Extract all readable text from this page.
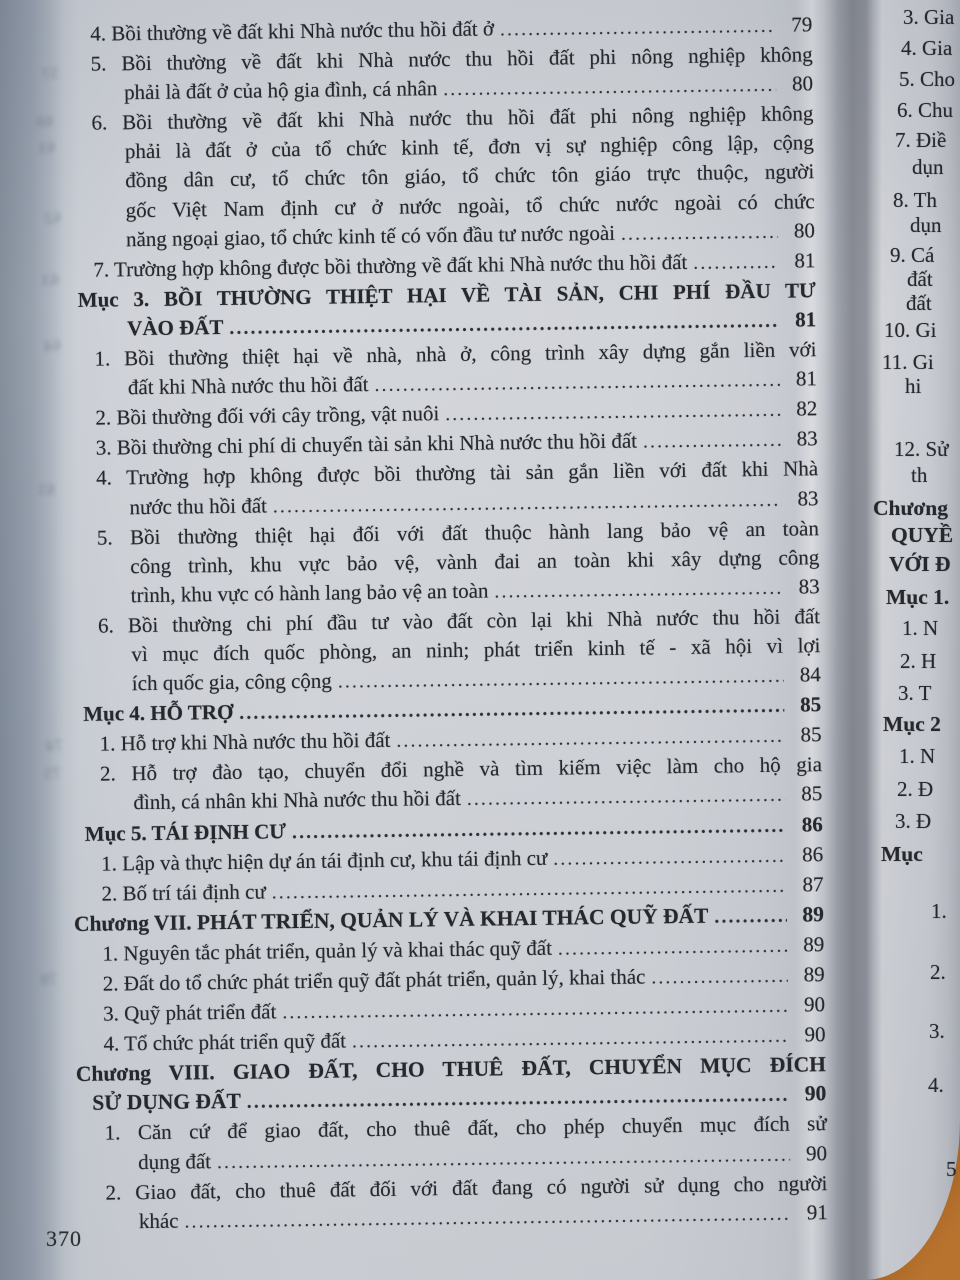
57
60
61
62
63
64
65
74
75
78
4. Bồi thường về đất khi Nhà nước thu hồi đất ở .....	79
5. Bồi thường về đất khi Nhà nước thu hồi đất phi nông nghiệp không
phải là đất ở của hộ gia đình, cá nhân .....	80
6. Bồi thường về đất khi Nhà nước thu hồi đất phi nông nghiệp không
phải là đất ở của tổ chức kinh tế, đơn vị sự nghiệp công lập, cộng
đồng dân cư, tổ chức tôn giáo, tổ chức tôn giáo trực thuộc, người
gốc Việt Nam định cư ở nước ngoài, tổ chức nước ngoài có chức
năng ngoại giao, tổ chức kinh tế có vốn đầu tư nước ngoài .....	80
7. Trường hợp không được bồi thường về đất khi Nhà nước thu hồi đất .....	81
Mục 3. BỒI THƯỜNG THIỆT HẠI VỀ TÀI SẢN, CHI PHÍ ĐẦU TƯ
VÀO ĐẤT .....	81
1. Bồi thường thiệt hại về nhà, nhà ở, công trình xây dựng gắn liền với
đất khi Nhà nước thu hồi đất .....	81
2. Bồi thường đối với cây trồng, vật nuôi .....	82
3. Bồi thường chi phí di chuyển tài sản khi Nhà nước thu hồi đất .....	83
4. Trường hợp không được bồi thường tài sản gắn liền với đất khi Nhà
nước thu hồi đất .....	83
5. Bồi thường thiệt hại đối với đất thuộc hành lang bảo vệ an toàn
công trình, khu vực bảo vệ, vành đai an toàn khi xây dựng công
trình, khu vực có hành lang bảo vệ an toàn .....	83
6. Bồi thường chi phí đầu tư vào đất còn lại khi Nhà nước thu hồi đất
vì mục đích quốc phòng, an ninh; phát triển kinh tế - xã hội vì lợi
ích quốc gia, công cộng .....	84
Mục 4. HỖ TRỢ .....	85
1. Hỗ trợ khi Nhà nước thu hồi đất .....	85
2. Hỗ trợ đào tạo, chuyển đổi nghề và tìm kiếm việc làm cho hộ gia
đình, cá nhân khi Nhà nước thu hồi đất .....	85
Mục 5. TÁI ĐỊNH CƯ .....	86
1. Lập và thực hiện dự án tái định cư, khu tái định cư .....	86
2. Bố trí tái định cư .....	87
Chương VII. PHÁT TRIỂN, QUẢN LÝ VÀ KHAI THÁC QUỸ ĐẤT .....	89
1. Nguyên tắc phát triển, quản lý và khai thác quỹ đất .....	89
2. Đất do tổ chức phát triển quỹ đất phát triển, quản lý, khai thác .....	89
3. Quỹ phát triển đất .....	90
4. Tổ chức phát triển quỹ đất .....	90
Chương VIII. GIAO ĐẤT, CHO THUÊ ĐẤT, CHUYỂN MỤC ĐÍCH
SỬ DỤNG ĐẤT .....	90
1. Căn cứ để giao đất, cho thuê đất, cho phép chuyển mục đích sử
dụng đất .....	90
2. Giao đất, cho thuê đất đối với đất đang có người sử dụng cho người
khác .....	91
370
3. Gia
4. Gia
5. Cho
6. Chu
7. Điề
dụn
8. Th
dụn
9. Cá
đất
đất
10. Gi
11. Gi
hi
12. Sử
th
Chương
QUYỀ
VỚI Đ
Mục 1.
1. N
2. H
3. T
Mục 2
1. N
2. Đ
3. Đ
Mục
1.
2.
3.
4.
5
